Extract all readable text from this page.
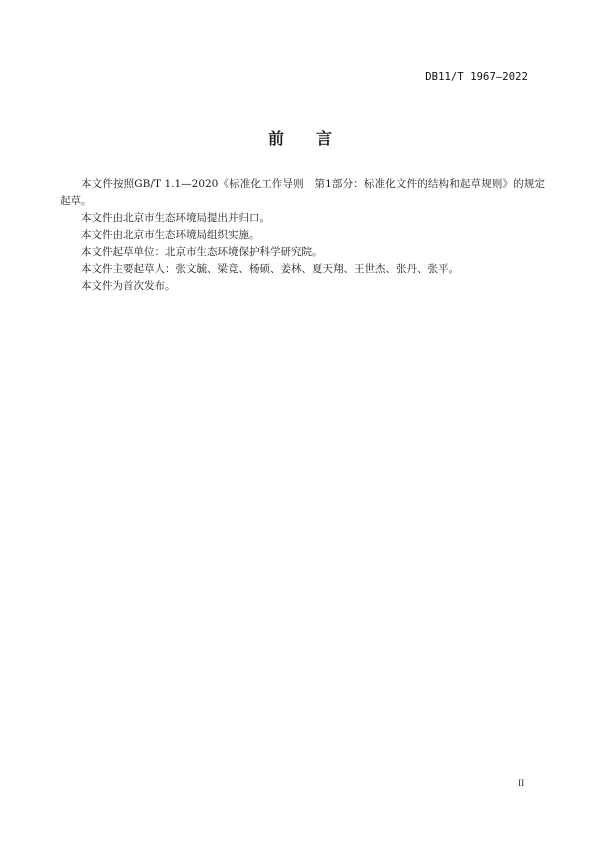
DB11/T 1967—2022
前 言

本文件按照GB/T 1.1—2020《标准化工作导则　第1部分：标准化文件的结构和起草规则》的规定起草。

本文件由北京市生态环境局提出并归口。

本文件由北京市生态环境局组织实施。

本文件起草单位：北京市生态环境保护科学研究院。

本文件主要起草人：张文毓、梁竞、杨硕、姜林、夏天翔、王世杰、张丹、张平。

本文件为首次发布。

II
